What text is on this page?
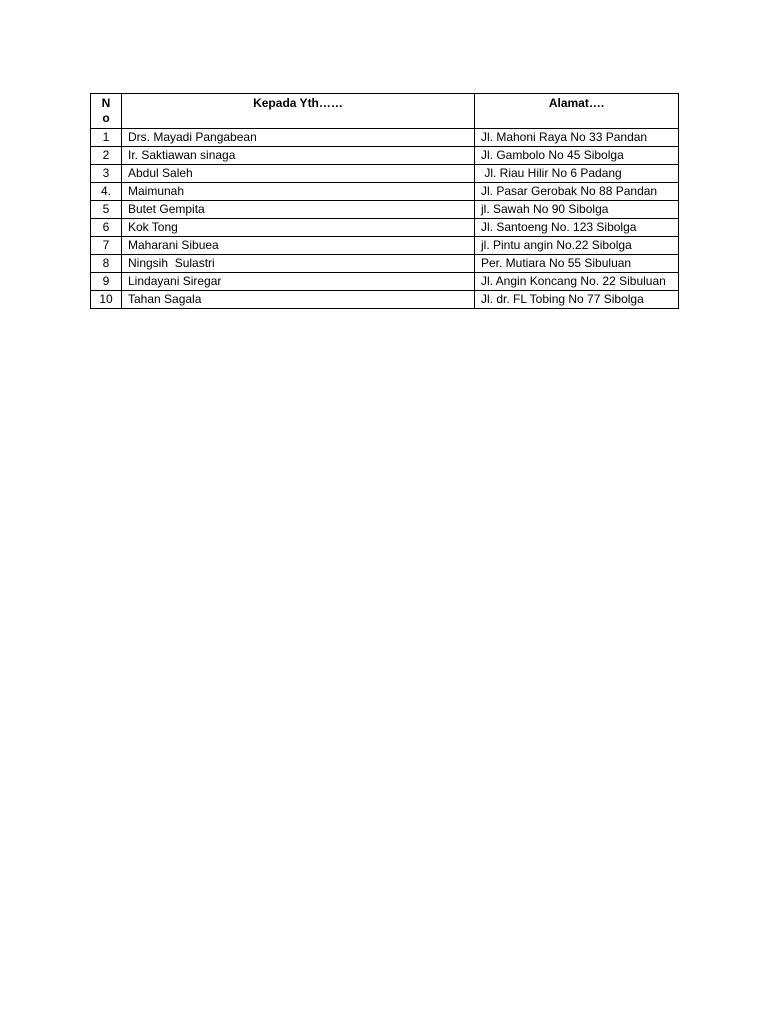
No	Kepada Yth……	Alamat….
1	Drs. Mayadi Pangabean	Jl. Mahoni Raya No 33 Pandan
2	Ir. Saktiawan sinaga	Jl. Gambolo No 45 Sibolga
3	Abdul Saleh	Jl. Riau Hilir No 6 Padang
4.	Maimunah	Jl. Pasar Gerobak No 88 Pandan
5	Butet Gempita	jl. Sawah No 90 Sibolga
6	Kok Tong	Jl. Santoeng No. 123 Sibolga
7	Maharani Sibuea	jl. Pintu angin No.22 Sibolga
8	Ningsih  Sulastri	Per. Mutiara No 55 Sibuluan
9	Lindayani Siregar	Jl. Angin Koncang No. 22 Sibuluan
10	Tahan Sagala	Jl. dr. FL Tobing No 77 Sibolga
